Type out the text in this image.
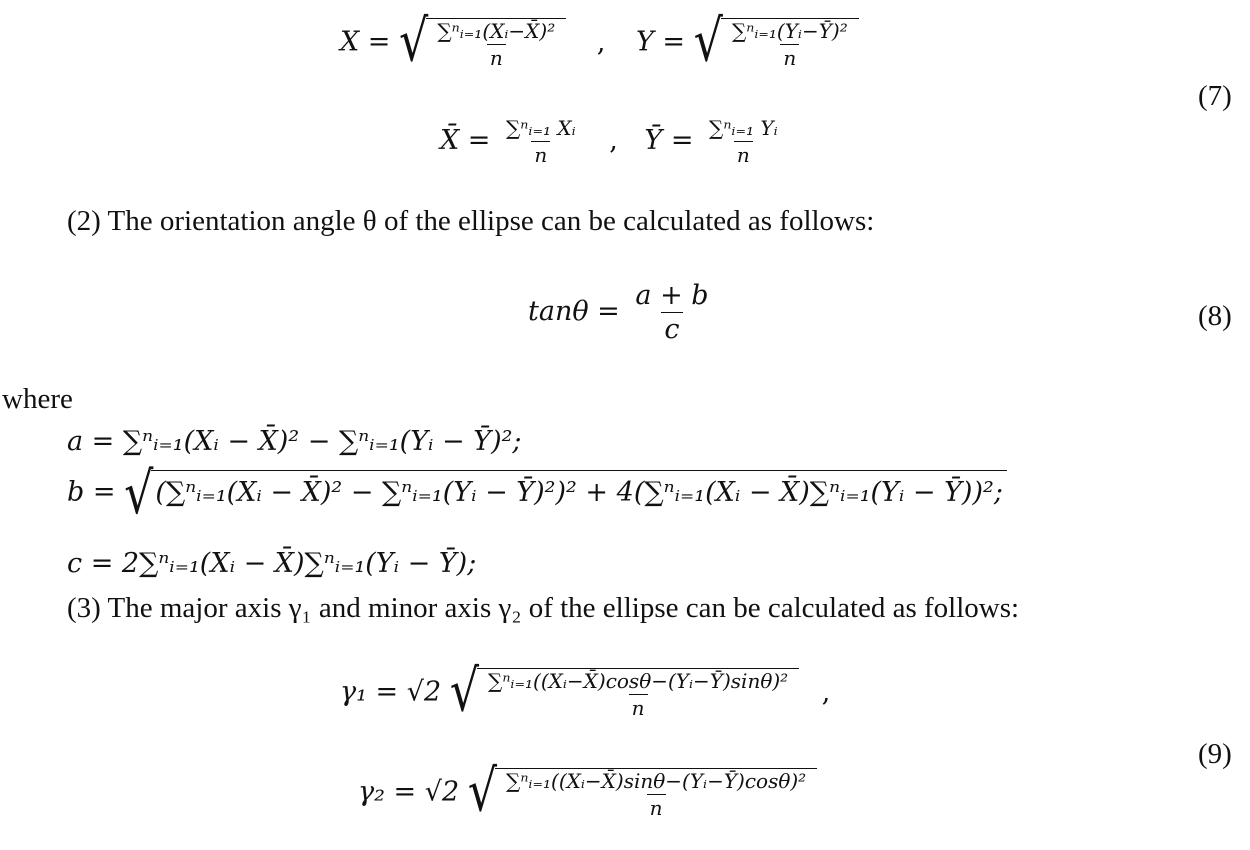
X = √ $\frac{\text{∑ⁿᵢ₌₁(Xᵢ−X̄)²}}{n}$ , Y = √ $\frac{\text{∑ⁿᵢ₌₁(Yᵢ−Ȳ)²}}{n}$
(7)
X̄ = $\frac{\text{∑ⁿᵢ₌₁ Xᵢ}}{n}$ , Ȳ = $\frac{\text{∑ⁿᵢ₌₁ Yᵢ}}{n}$
(2) The orientation angle θ of the ellipse can be calculated as follows:
$\tan\theta = \frac{a + b}{c}$	(8)
where
a = ∑ⁿᵢ₌₁(Xᵢ − X̄)² − ∑ⁿᵢ₌₁(Yᵢ − Ȳ)²;
b = √ (∑ⁿᵢ₌₁(Xᵢ − X̄)² − ∑ⁿᵢ₌₁(Yᵢ − Ȳ)²)² + 4(∑ⁿᵢ₌₁(Xᵢ − X̄)∑ⁿᵢ₌₁(Yᵢ − Ȳ))²;
c = 2∑ⁿᵢ₌₁(Xᵢ − X̄)∑ⁿᵢ₌₁(Yᵢ − Ȳ);
(3) The major axis γ₁ and minor axis γ₂ of the ellipse can be calculated as follows:
γ₁ = √2 √ $\frac{\text{∑ⁿᵢ₌₁((Xᵢ−X̄)cosθ−(Yᵢ−Ȳ)sinθ)²}}{n}$ ,
(9)
γ₂ = √2 √ $\frac{\text{∑ⁿᵢ₌₁((Xᵢ−X̄)sinθ−(Yᵢ−Ȳ)cosθ)²}}{n}$
